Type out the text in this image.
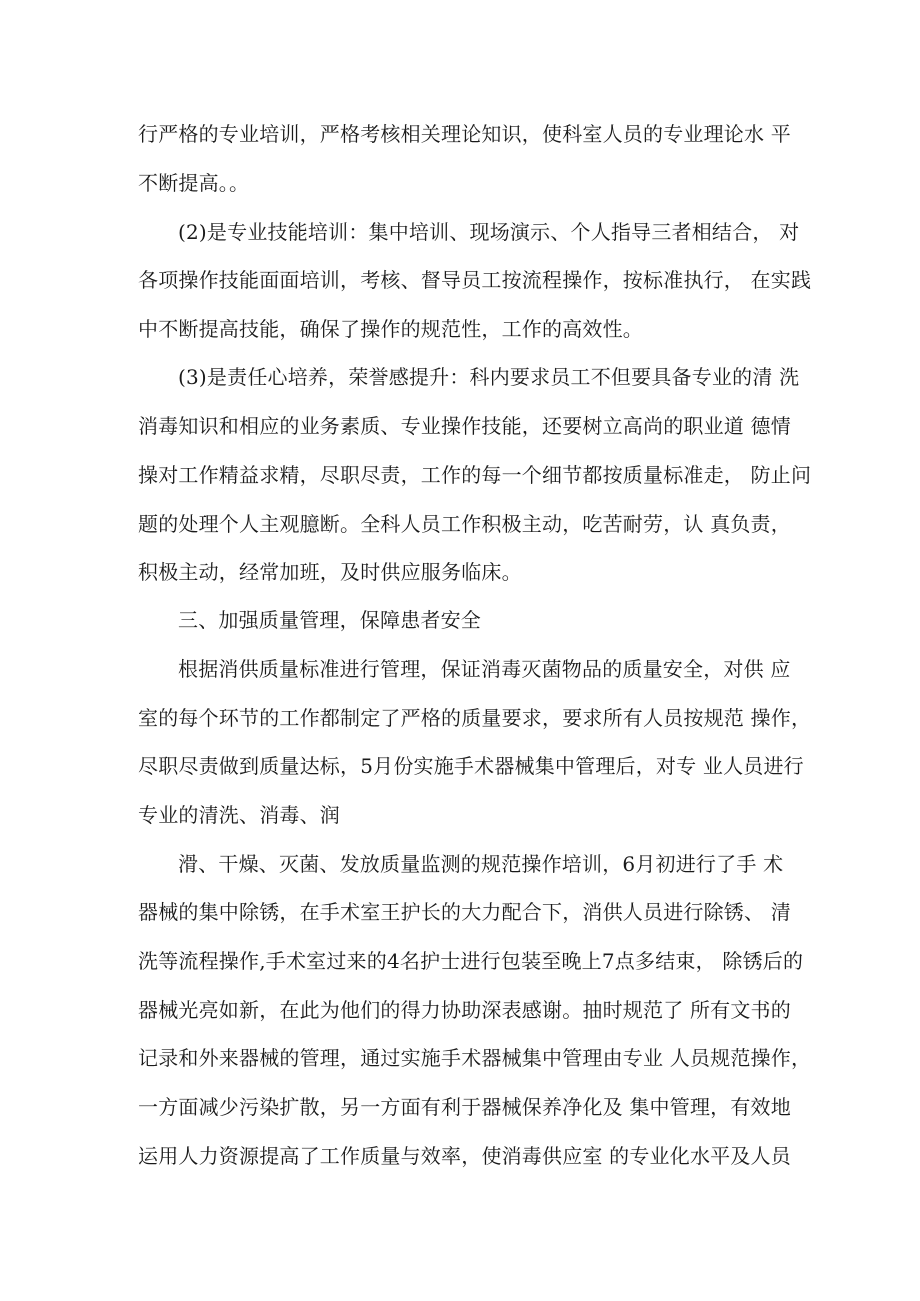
行严格的专业培训，严格考核相关理论知识，使科室人员的专业理论水 平
不断提高。。
(2)是专业技能培训：集中培训、现场演示、个人指导三者相结合， 对
各项操作技能面面培训，考核、督导员工按流程操作，按标准执行， 在实践
中不断提高技能，确保了操作的规范性，工作的高效性。
(3)是责任心培养，荣誉感提升：科内要求员工不但要具备专业的清 洗
消毒知识和相应的业务素质、专业操作技能，还要树立高尚的职业道 德情
操对工作精益求精，尽职尽责，工作的每一个细节都按质量标准走， 防止问
题的处理个人主观臆断。全科人员工作积极主动，吃苦耐劳，认 真负责，
积极主动，经常加班，及时供应服务临床。
三、加强质量管理，保障患者安全
根据消供质量标准进行管理，保证消毒灭菌物品的质量安全，对供 应
室的每个环节的工作都制定了严格的质量要求，要求所有人员按规范 操作，
尽职尽责做到质量达标，5月份实施手术器械集中管理后，对专 业人员进行
专业的清洗、消毒、润
滑、干燥、灭菌、发放质量监测的规范操作培训，6月初进行了手 术
器械的集中除锈，在手术室王护长的大力配合下，消供人员进行除锈、 清
洗等流程操作,手术室过来的4名护士进行包装至晚上7点多结束， 除锈后的
器械光亮如新，在此为他们的得力协助深表感谢。抽时规范了 所有文书的
记录和外来器械的管理，通过实施手术器械集中管理由专业 人员规范操作，
一方面减少污染扩散，另一方面有利于器械保养净化及 集中管理，有效地
运用人力资源提高了工作质量与效率，使消毒供应室 的专业化水平及人员
